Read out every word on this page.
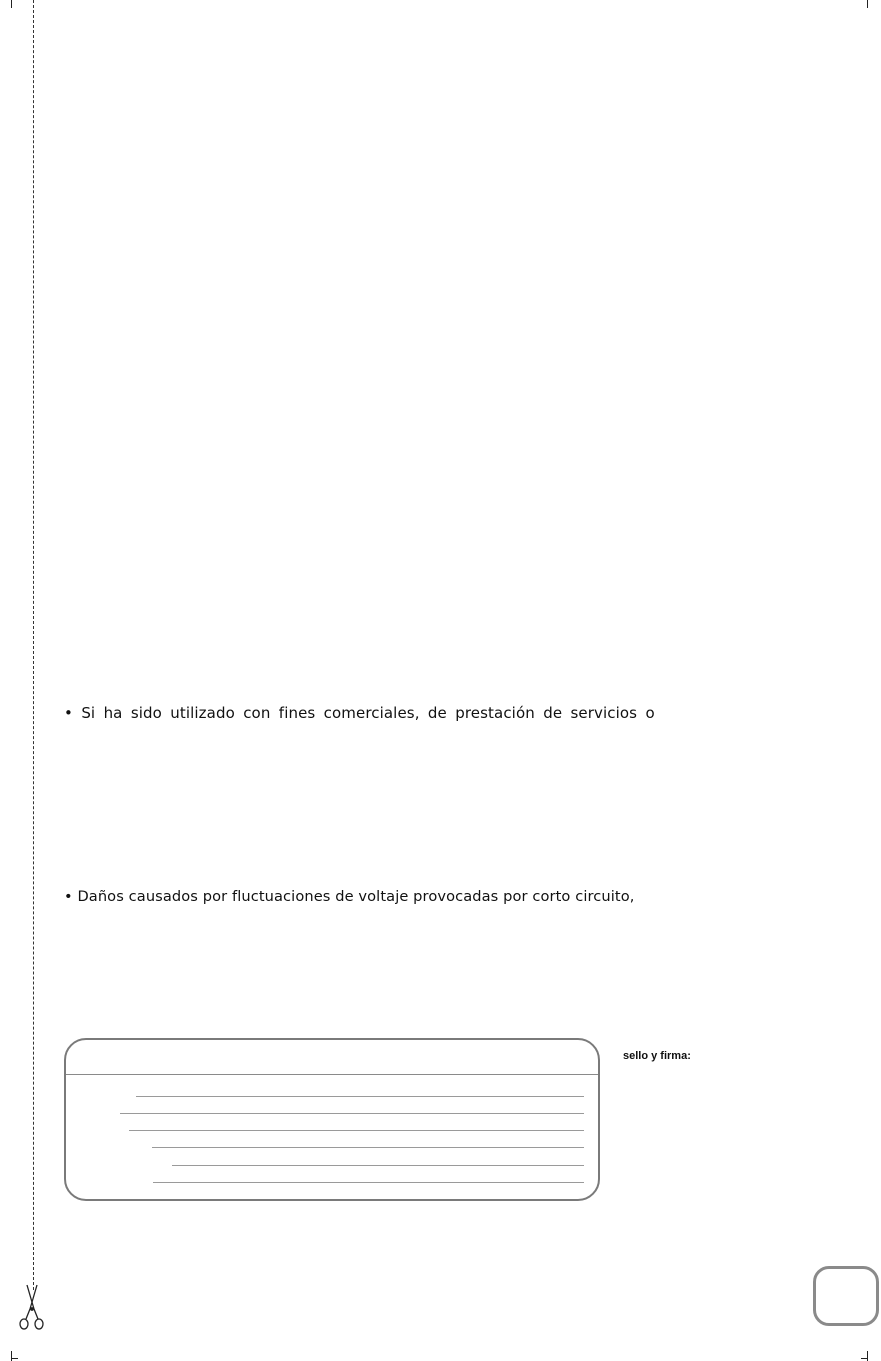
• Si ha sido utilizado con fines comerciales, de prestación de servicios o
• Daños causados por fluctuaciones de voltaje provocadas por corto circuito,
sello y firma:
